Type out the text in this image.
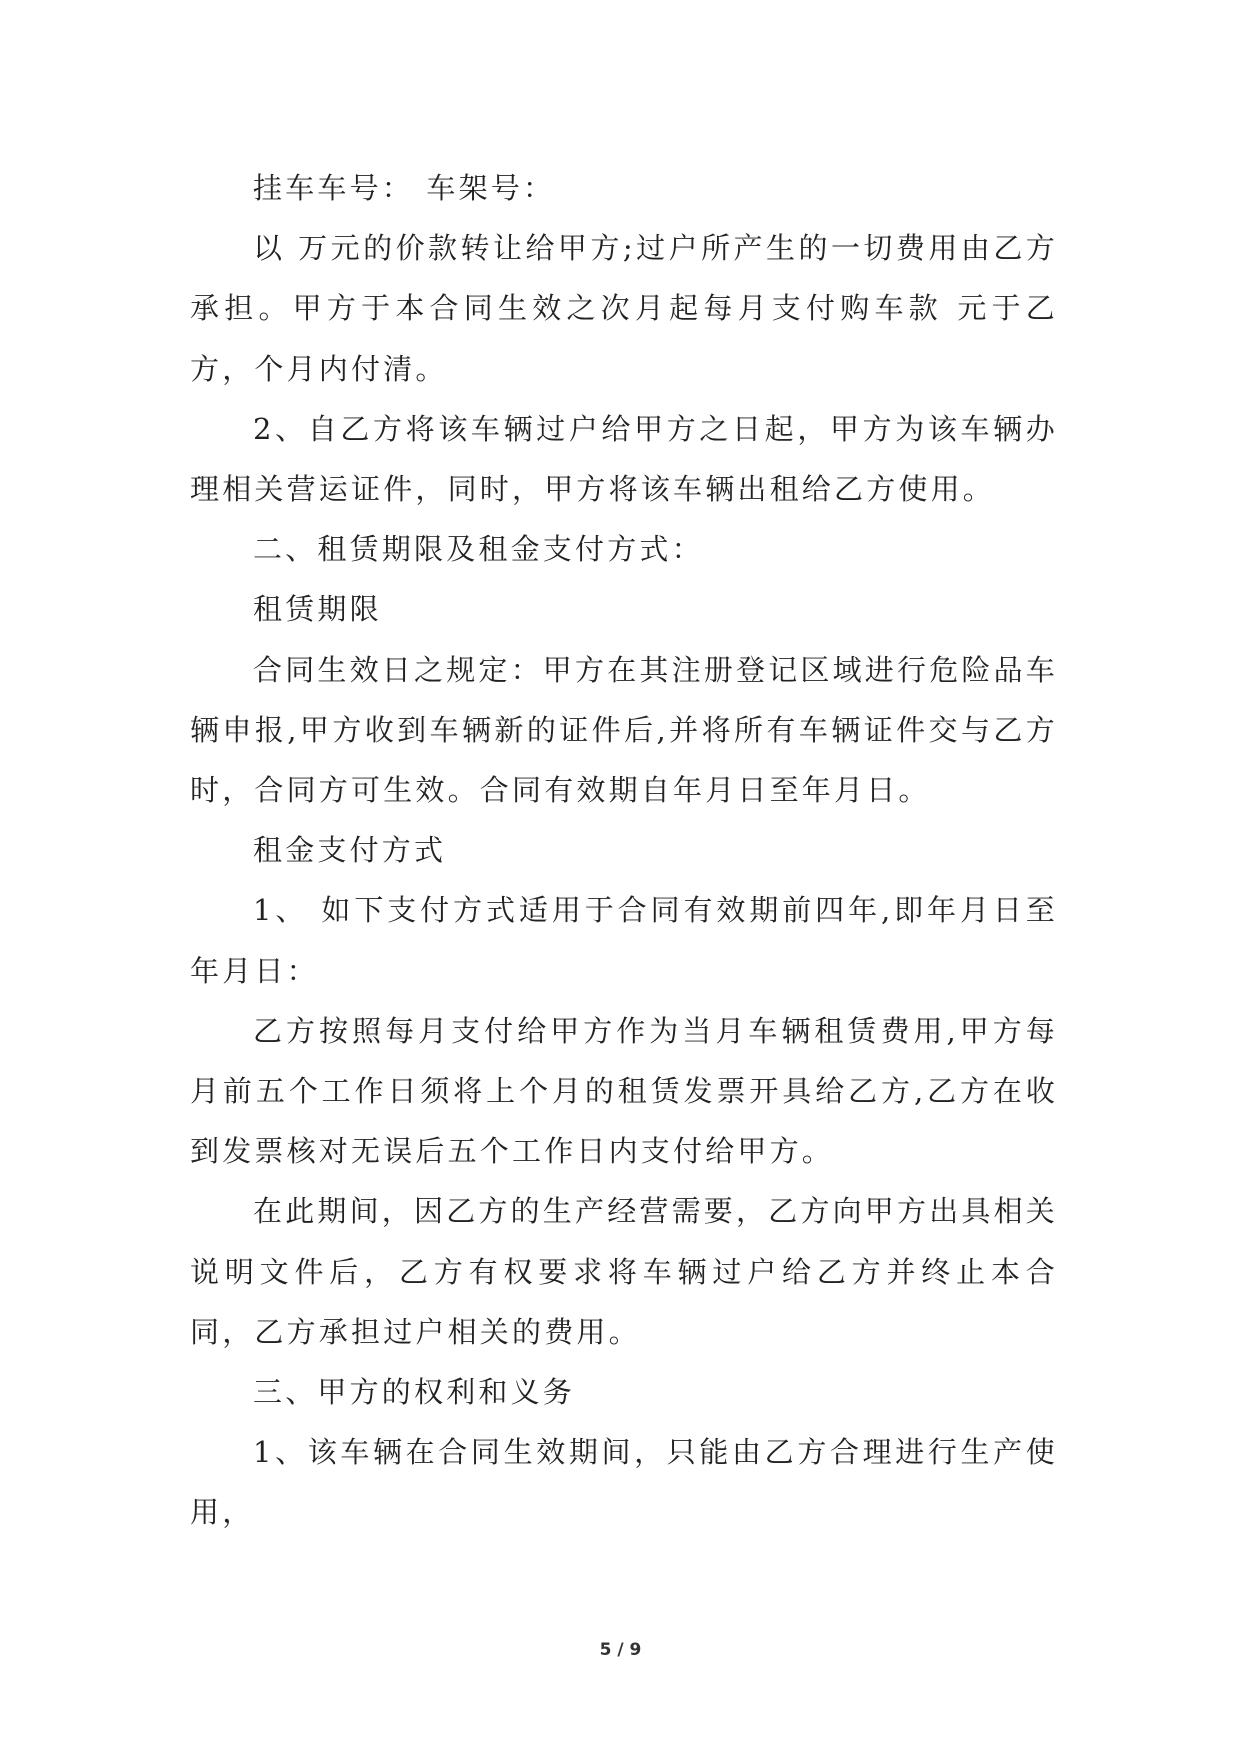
挂车车号： 车架号：

以 万元的价款转让给甲方;过户所产生的一切费用由乙方承担。甲方于本合同生效之次月起每月支付购车款 元于乙方，个月内付清。

2、自乙方将该车辆过户给甲方之日起，甲方为该车辆办理相关营运证件，同时，甲方将该车辆出租给乙方使用。

二、租赁期限及租金支付方式：

租赁期限

合同生效日之规定：甲方在其注册登记区域进行危险品车辆申报,甲方收到车辆新的证件后,并将所有车辆证件交与乙方时，合同方可生效。合同有效期自年月日至年月日。

租金支付方式

1、 如下支付方式适用于合同有效期前四年,即年月日至年月日：

乙方按照每月支付给甲方作为当月车辆租赁费用,甲方每月前五个工作日须将上个月的租赁发票开具给乙方,乙方在收到发票核对无误后五个工作日内支付给甲方。

在此期间，因乙方的生产经营需要，乙方向甲方出具相关说明文件后，乙方有权要求将车辆过户给乙方并终止本合同，乙方承担过户相关的费用。

三、甲方的权利和义务

1、该车辆在合同生效期间，只能由乙方合理进行生产使用，

5 / 9
